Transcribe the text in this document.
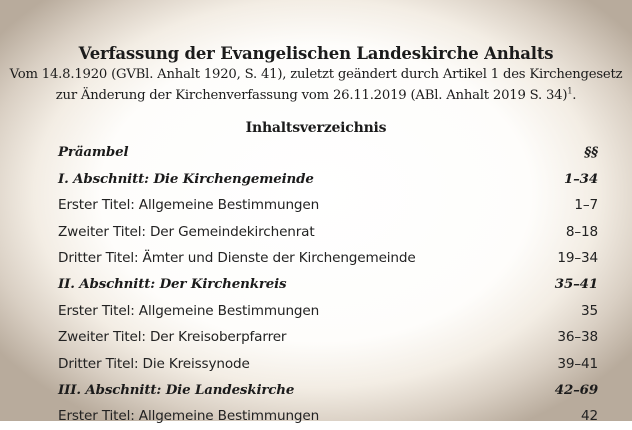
Verfassung der Evangelischen Landeskirche Anhalts
Vom 14.8.1920 (GVBl. Anhalt 1920, S. 41), zuletzt geändert durch Artikel 1 des Kirchengesetz
zur Änderung der Kirchenverfassung vom 26.11.2019 (ABl. Anhalt 2019 S. 34)$^1$.
Inhaltsverzeichnis
Präambel	§§
I. Abschnitt: Die Kirchengemeinde	1–34
Erster Titel: Allgemeine Bestimmungen	1–7
Zweiter Titel: Der Gemeindekirchenrat	8–18
Dritter Titel: Ämter und Dienste der Kirchengemeinde	19–34
II. Abschnitt: Der Kirchenkreis	35–41
Erster Titel: Allgemeine Bestimmungen	35
Zweiter Titel: Der Kreisoberpfarrer	36–38
Dritter Titel: Die Kreissynode	39–41
III. Abschnitt: Die Landeskirche	42–69
Erster Titel: Allgemeine Bestimmungen	42
